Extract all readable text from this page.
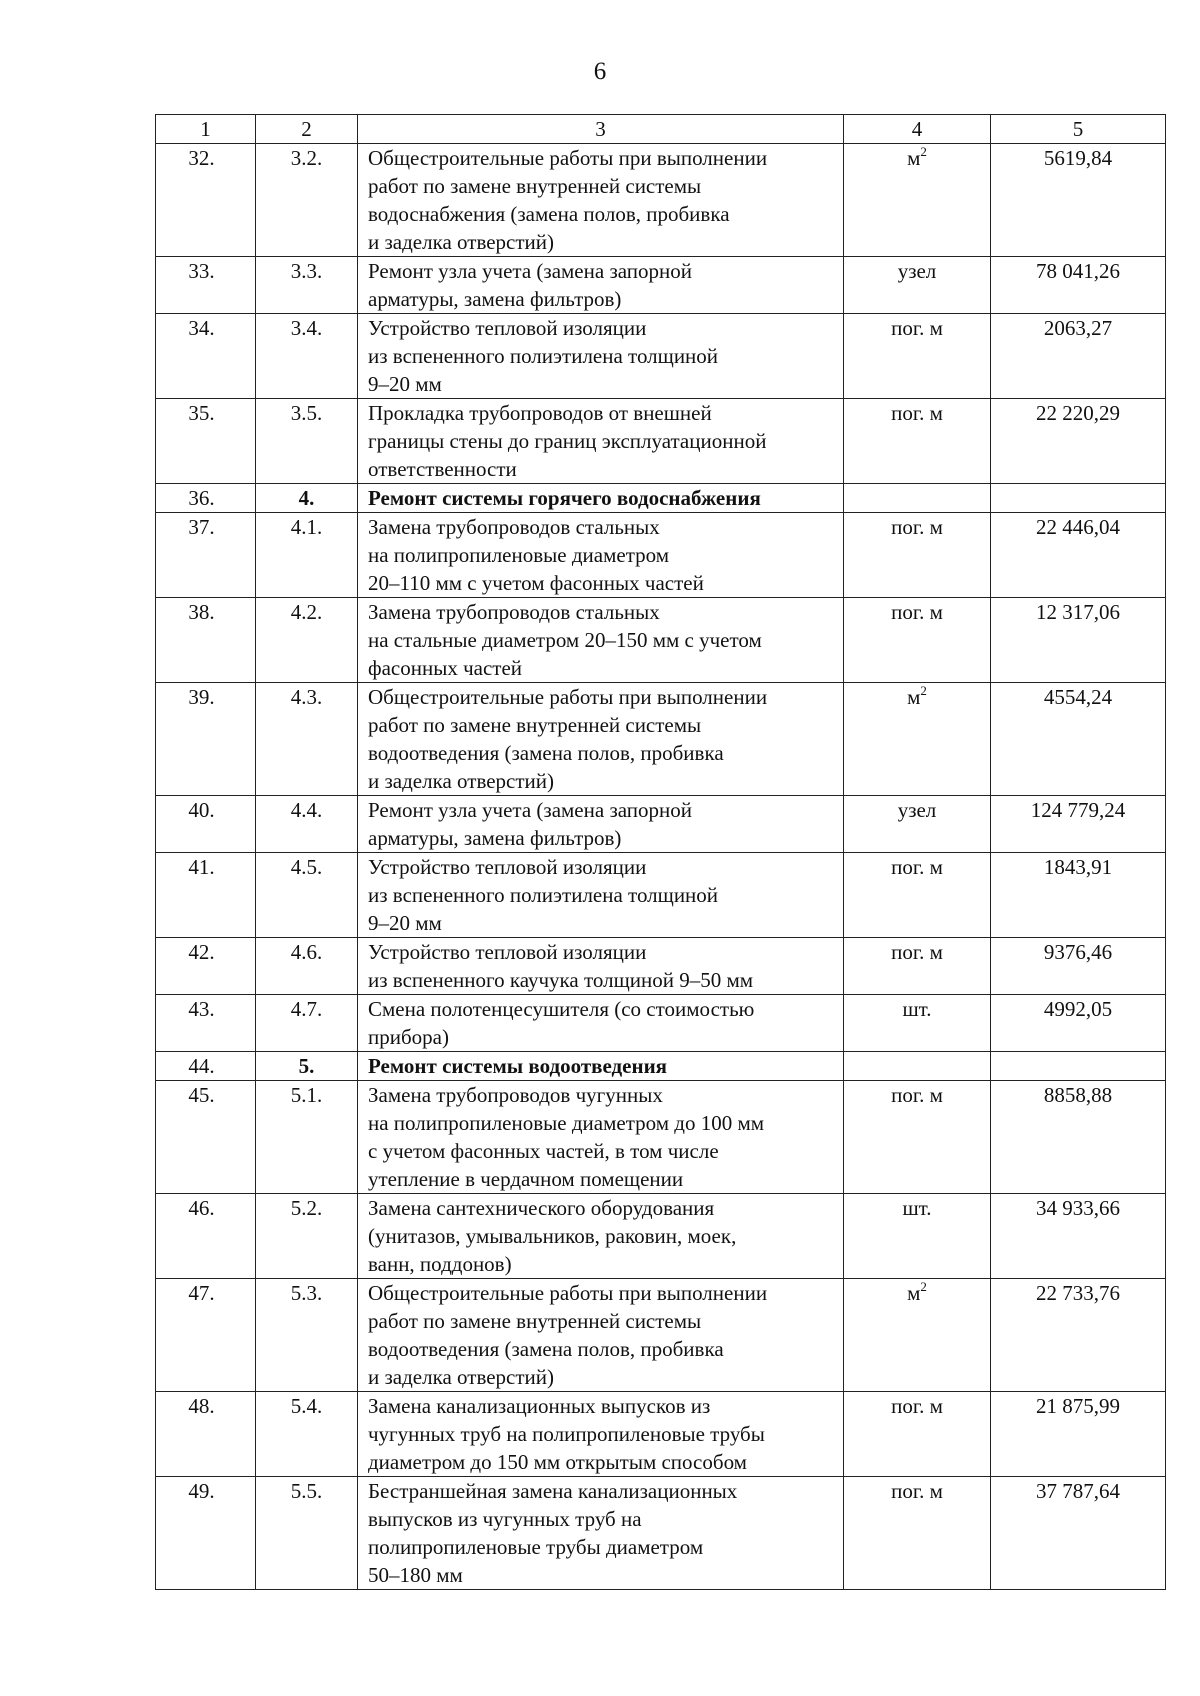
6
1	2	3	4	5
32.	3.2.	Общестроительные работы при выполнении
работ по замене внутренней системы
водоснабжения (замена полов, пробивка
и заделка отверстий)	$м^2$	5619,84
33.	3.3.	Ремонт узла учета (замена запорной
арматуры, замена фильтров)	узел	78 041,26
34.	3.4.	Устройство тепловой изоляции
из вспененного полиэтилена толщиной
9–20 мм	пог. м	2063,27
35.	3.5.	Прокладка трубопроводов от внешней
границы стены до границ эксплуатационной
ответственности	пог. м	22 220,29
36.	4.	Ремонт системы горячего водоснабжения		
37.	4.1.	Замена трубопроводов стальных
на полипропиленовые диаметром
20–110 мм с учетом фасонных частей	пог. м	22 446,04
38.	4.2.	Замена трубопроводов стальных
на стальные диаметром 20–150 мм с учетом
фасонных частей	пог. м	12 317,06
39.	4.3.	Общестроительные работы при выполнении
работ по замене внутренней системы
водоотведения (замена полов, пробивка
и заделка отверстий)	$м^2$	4554,24
40.	4.4.	Ремонт узла учета (замена запорной
арматуры, замена фильтров)	узел	124 779,24
41.	4.5.	Устройство тепловой изоляции
из вспененного полиэтилена толщиной
9–20 мм	пог. м	1843,91
42.	4.6.	Устройство тепловой изоляции
из вспененного каучука толщиной 9–50 мм	пог. м	9376,46
43.	4.7.	Смена полотенцесушителя (со стоимостью
прибора)	шт.	4992,05
44.	5.	Ремонт системы водоотведения		
45.	5.1.	Замена трубопроводов чугунных
на полипропиленовые диаметром до 100 мм
с учетом фасонных частей, в том числе
утепление в чердачном помещении	пог. м	8858,88
46.	5.2.	Замена сантехнического оборудования
(унитазов, умывальников, раковин, моек,
ванн, поддонов)	шт.	34 933,66
47.	5.3.	Общестроительные работы при выполнении
работ по замене внутренней системы
водоотведения (замена полов, пробивка
и заделка отверстий)	$м^2$	22 733,76
48.	5.4.	Замена канализационных выпусков из
чугунных труб на полипропиленовые трубы
диаметром до 150 мм открытым способом	пог. м	21 875,99
49.	5.5.	Бестраншейная замена канализационных
выпусков из чугунных труб на
полипропиленовые трубы диаметром
50–180 мм	пог. м	37 787,64
